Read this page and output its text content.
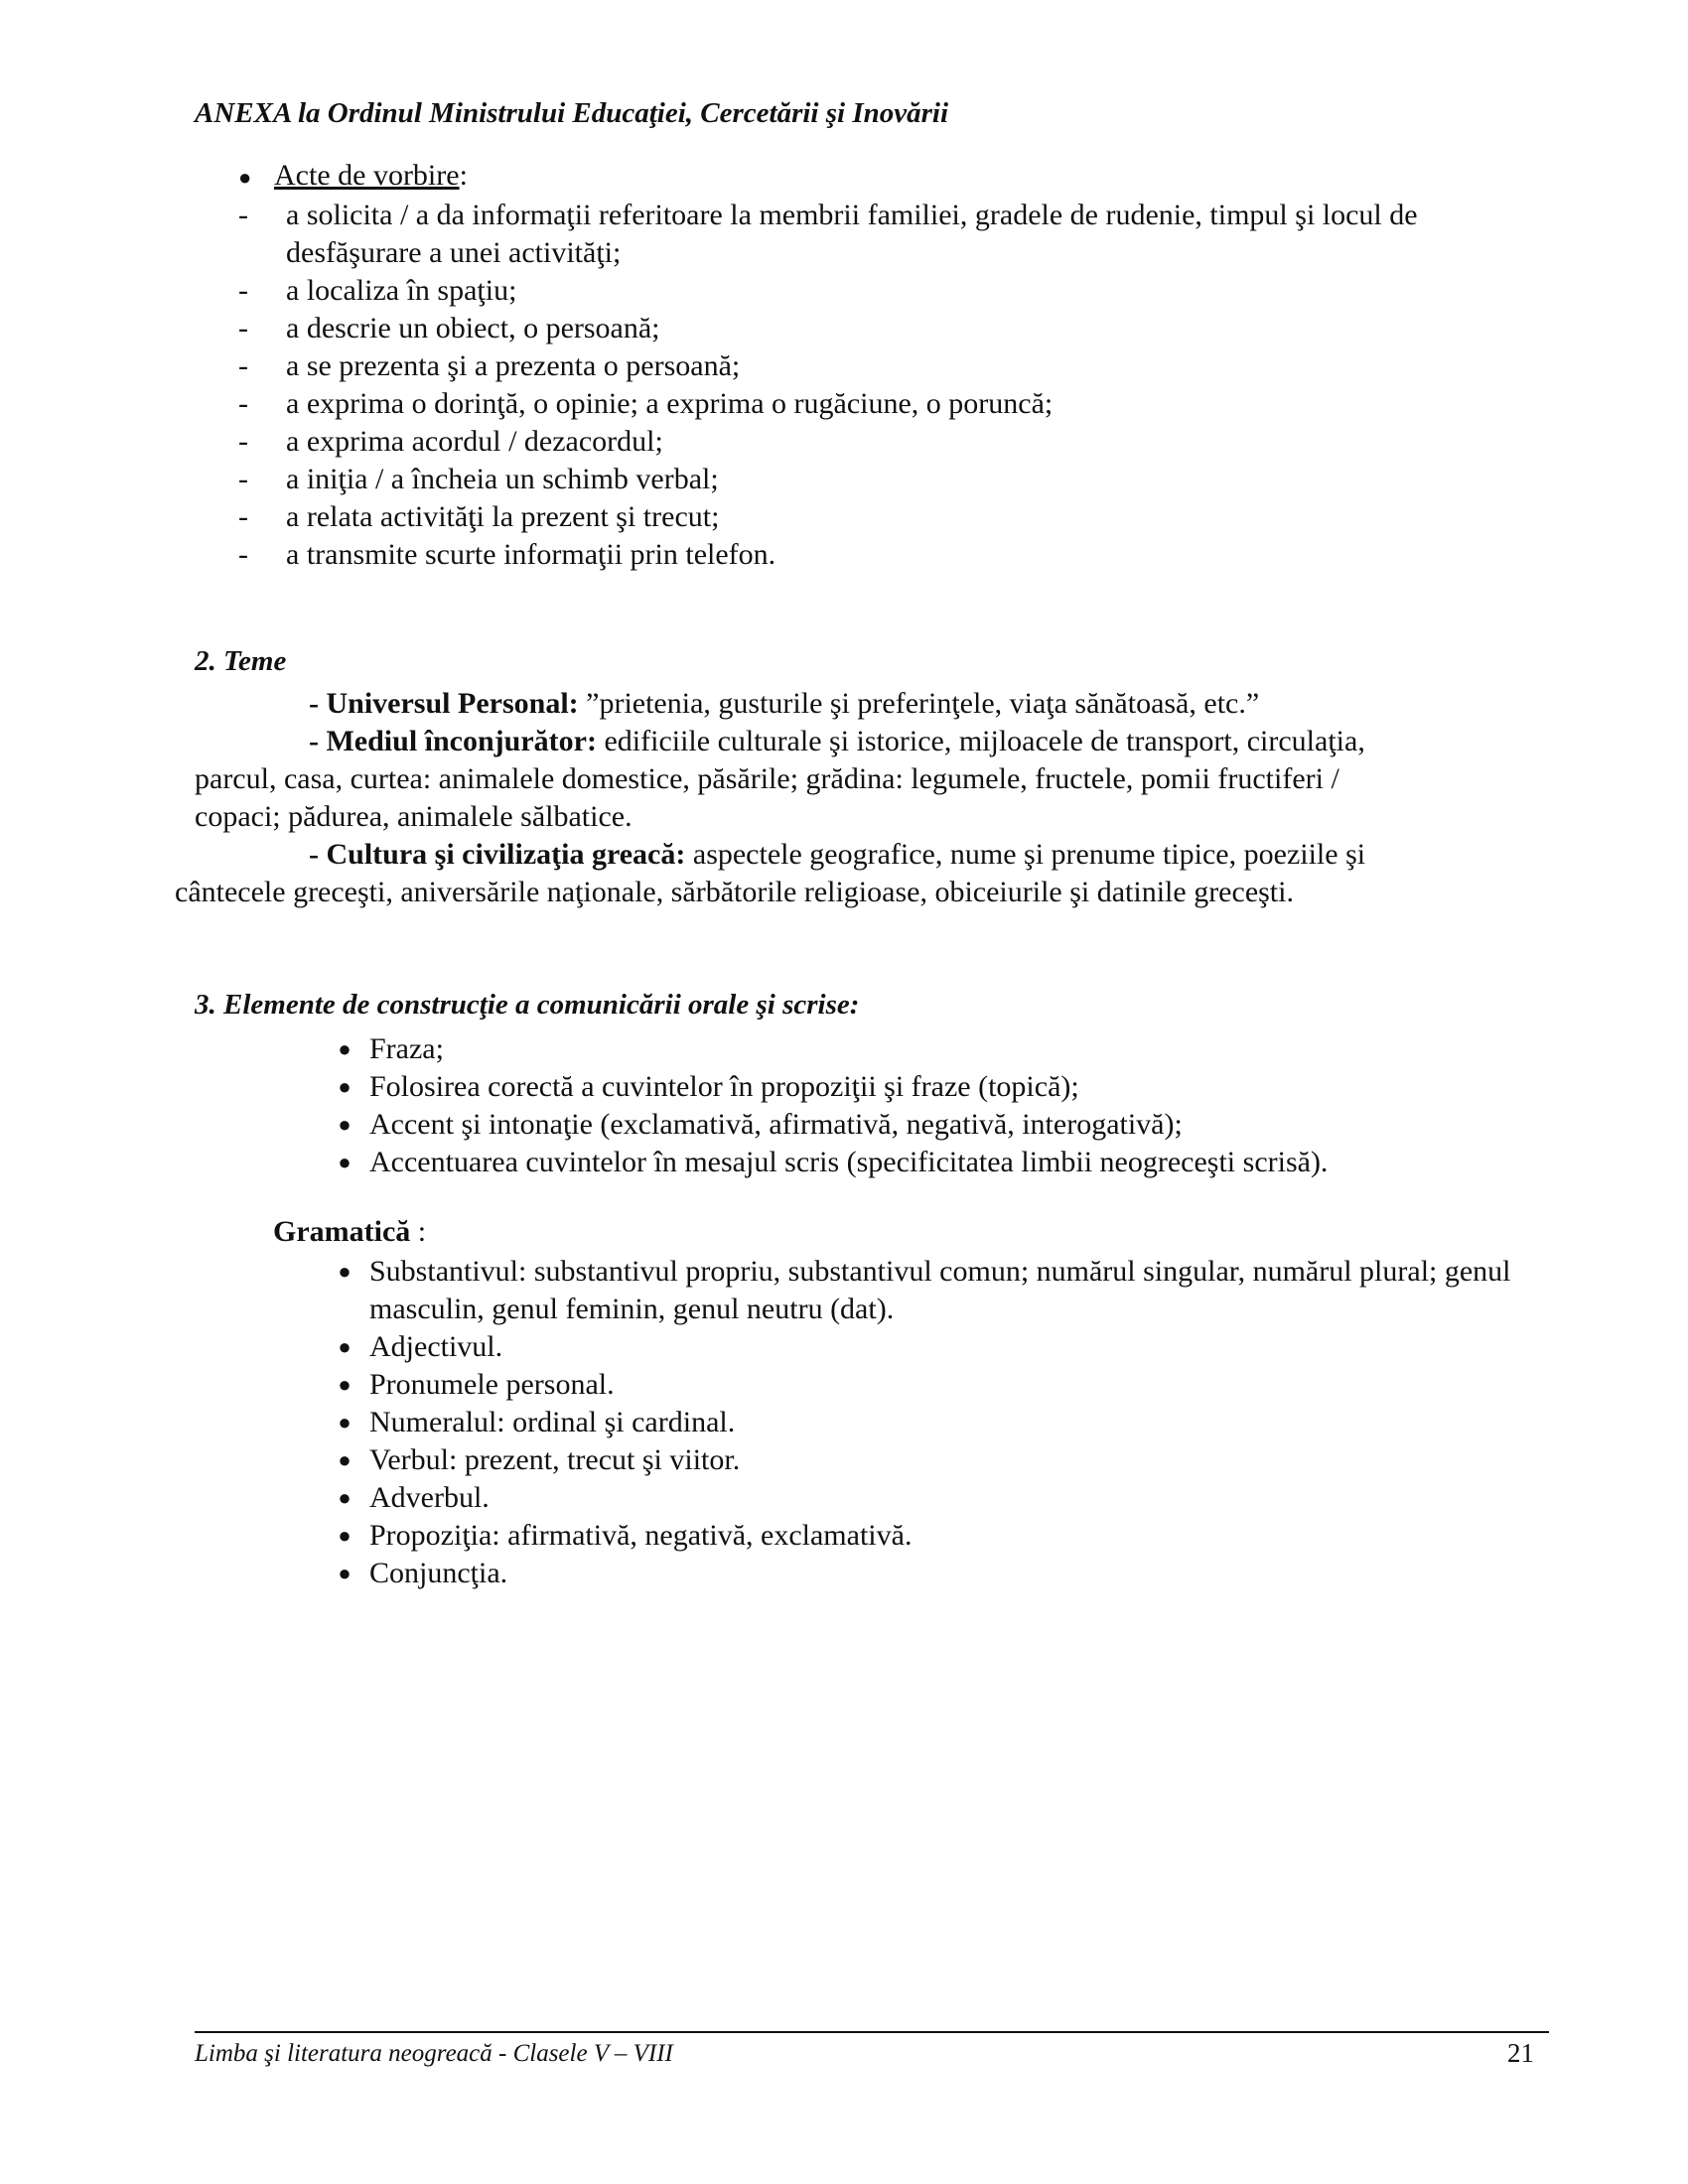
ANEXA la Ordinul Ministrului Educaţiei, Cercetării şi Inovării
● Acte de vorbire :
-	a solicita / a da informaţii referitoare la membrii familiei, gradele de rudenie, timpul şi locul de desfăşurare a unei activităţi;
-	a localiza în spaţiu;
-	a descrie un obiect, o persoană;
-	a se prezenta şi a prezenta o persoană;
-	a exprima o dorinţă, o opinie; a exprima o rugăciune, o poruncă;
-	a exprima acordul / dezacordul;
-	a iniţia / a încheia un schimb verbal;
-	a relata activităţi la prezent şi trecut;
-	a transmite scurte informaţii prin telefon.
2. Teme

- Universul Personal: ”prietenia, gusturile şi preferinţele, viaţa sănătoasă, etc.”

- Mediul înconjurător: edificiile culturale şi istorice, mijloacele de transport, circulaţia,

parcul, casa, curtea: animalele domestice, păsările; grădina: legumele, fructele, pomii fructiferi /

copaci; pădurea, animalele sălbatice.

- Cultura şi civilizaţia greacă: aspectele geografice, nume şi prenume tipice, poeziile şi

cântecele greceşti, aniversările naţionale, sărbătorile religioase, obiceiurile şi datinile greceşti.

3. Elemente de construcţie a comunicării orale şi scrise:
● Fraza;
● Folosirea corectă a cuvintelor în propoziţii şi fraze (topică);
● Accent şi intonaţie (exclamativă, afirmativă, negativă, interogativă);
● Accentuarea cuvintelor în mesajul scris (specificitatea limbii neogreceşti scrisă).
Gramatică :
● Substantivul: substantivul propriu, substantivul comun; numărul singular, numărul plural; genul masculin, genul feminin, genul neutru (dat).
● Adjectivul.
● Pronumele personal.
● Numeralul: ordinal şi cardinal.
● Verbul: prezent, trecut şi viitor.
● Adverbul.
● Propoziţia: afirmativă, negativă, exclamativă.
● Conjuncţia.
Limba şi literatura neogreacă - Clasele V – VIII	21
